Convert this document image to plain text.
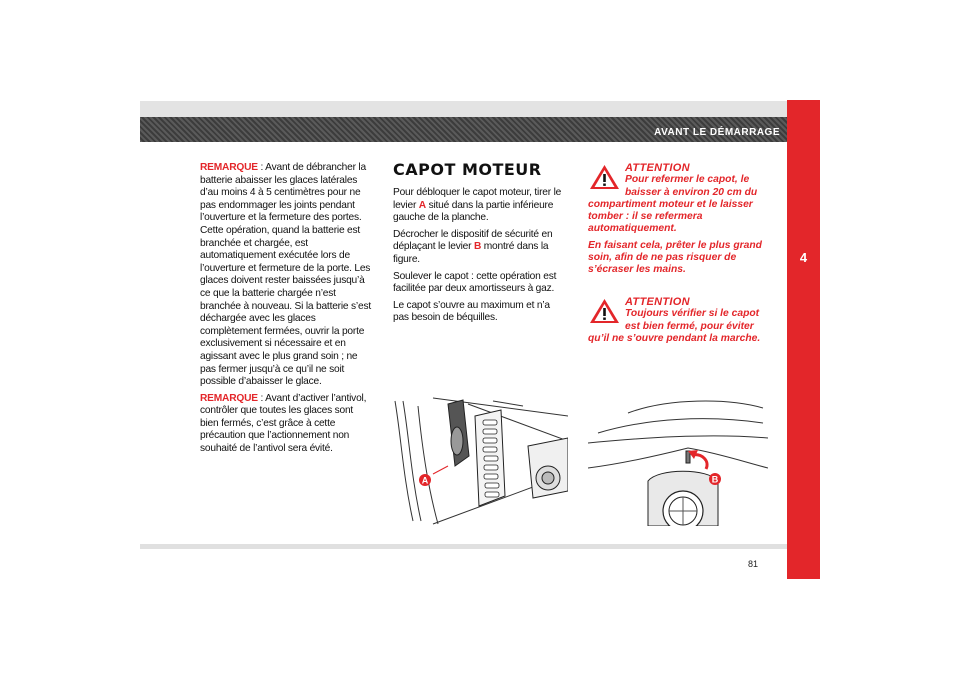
AVANT LE DÉMARRAGE
4

REMARQUE : Avant de débrancher la batterie abaisser les glaces latérales d’au moins 4 à 5 centimètres pour ne pas endommager les joints pendant l’ouverture et la fermeture des portes. Cette opération, quand la batterie est branchée et chargée, est automatiquement exécutée lors de l’ouverture et fermeture de la porte. Les glaces doivent rester baissées jusqu’à ce que la batterie chargée n’est branchée à nouveau. Si la batterie s’est déchargée avec les glaces complètement fermées, ouvrir la porte exclusivement si nécessaire et en agissant avec le plus grand soin ; ne pas fermer jusqu’à ce qu’il ne soit possible d’abaisser le glace.

REMARQUE : Avant d’activer l’antivol, contrôler que toutes les glaces sont bien fermés, c’est grâce à cette précaution que l’actionnement non souhaité de l’antivol sera évité.

CAPOT MOTEUR

Pour débloquer le capot moteur, tirer le levier A situé dans la partie inférieure gauche de la planche.

Décrocher le dispositif de sécurité en déplaçant le levier B montré dans la figure.

Soulever le capot : cette opération est facilitée par deux amortisseurs à gaz.

Le capot s’ouvre au maximum et n’a pas besoin de béquilles.

ATTENTION

Pour refermer le capot, le baisser à environ 20 cm du compartiment moteur et le laisser tomber : il se refermera automatiquement.

En faisant cela, prêter le plus grand soin, afin de ne pas risquer de s’écraser les mains.

ATTENTION

Toujours vérifier si le capot est bien fermé, pour éviter qu’il ne s’ouvre pendant la marche.

A	B
81
